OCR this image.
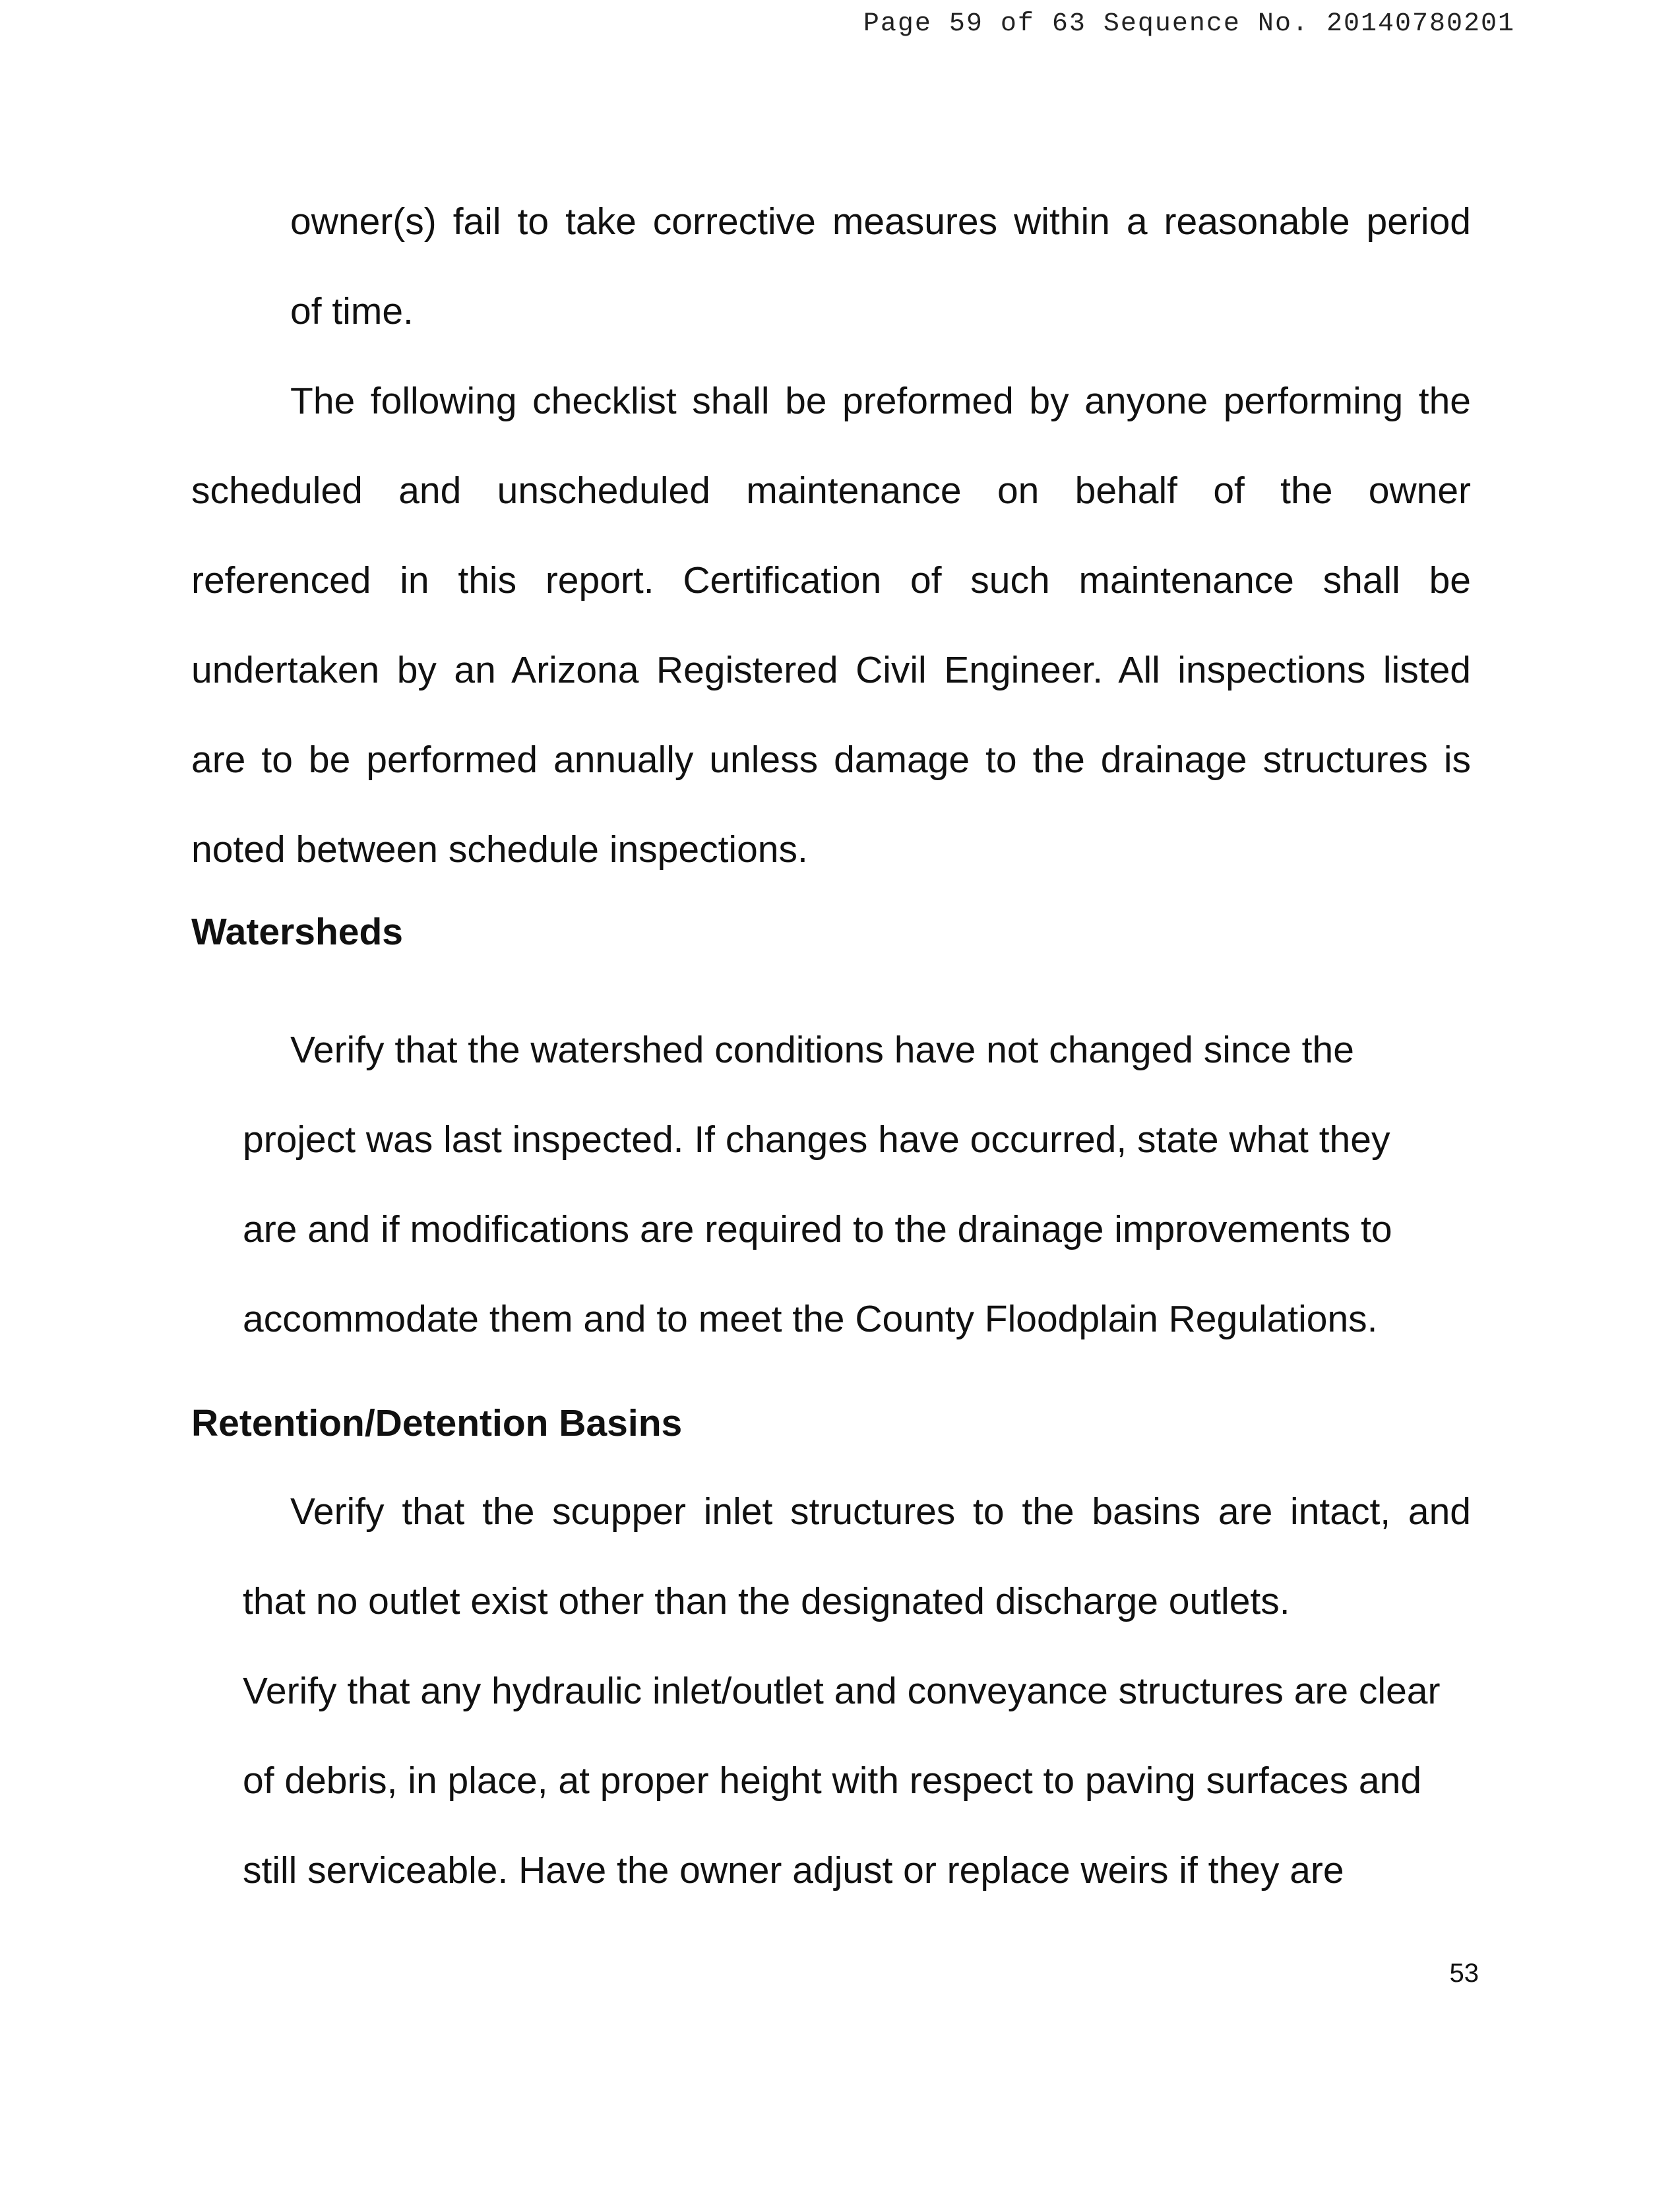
Page 59 of 63 Sequence No. 20140780201
owner(s) fail to take corrective measures within a reasonable period
of time.
The following checklist shall be preformed by anyone performing the
scheduled and unscheduled maintenance on behalf of the owner
referenced in this report. Certification of such maintenance shall be
undertaken by an Arizona Registered Civil Engineer. All inspections listed
are to be performed annually unless damage to the drainage structures is
noted between schedule inspections.
Watersheds
Verify that the watershed conditions have not changed since the
project was last inspected. If changes have occurred, state what they
are and if modifications are required to the drainage improvements to
accommodate them and to meet the County Floodplain Regulations.
Retention/Detention Basins
Verify that the scupper inlet structures to the basins are intact, and
that no outlet exist other than the designated discharge outlets.
Verify that any hydraulic inlet/outlet and conveyance structures are clear
of debris, in place, at proper height with respect to paving surfaces and
still serviceable. Have the owner adjust or replace weirs if they are
53
